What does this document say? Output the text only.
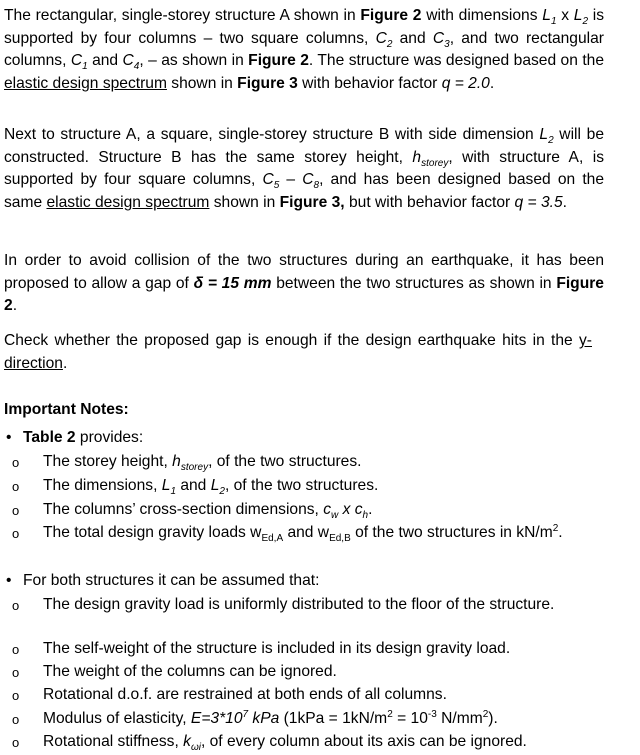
The rectangular, single-storey structure A shown in Figure 2 with dimensions $L_1$ x $L_2$ is supported by four columns – two square columns, $C_2$ and $C_3$, and two rectangular columns, $C_1$ and $C_4$, – as shown in Figure 2. The structure was designed based on the elastic design spectrum shown in Figure 3 with behavior factor q = 2.0.

Next to structure A, a square, single-storey structure B with side dimension $L_2$ will be constructed. Structure B has the same storey height, $h_{storey}$, with structure A, is supported by four square columns, $C_5 - C_8$, and has been designed based on the same elastic design spectrum shown in Figure 3, but with behavior factor q = 3.5.

In order to avoid collision of the two structures during an earthquake, it has been proposed to allow a gap of δ = 15 mm between the two structures as shown in Figure 2.

Check whether the proposed gap is enough if the design earthquake hits in the y-direction.

Important Notes:

• Table 2 provides:
o The storey height, $h_{storey}$, of the two structures.
o The dimensions, $L_1$ and $L_2$, of the two structures.
o The columns’ cross-section dimensions, $c_w$ x $c_h$.
o The total design gravity loads $w_{Ed,A}$ and $w_{Ed,B}$ of the two structures in $kN/m^2$.
• For both structures it can be assumed that:
o The design gravity load is uniformly distributed to the floor of the structure.
o The self-weight of the structure is included in its design gravity load.
o The weight of the columns can be ignored.
o Rotational d.o.f. are restrained at both ends of all columns.
o Modulus of elasticity, $E=3*10^7$ kPa ($1kPa = 1kN/m^2 = 10^{-3}$ $N/mm^2$).
o Rotational stiffness, $k_{\omega i}$, of every column about its axis can be ignored.
